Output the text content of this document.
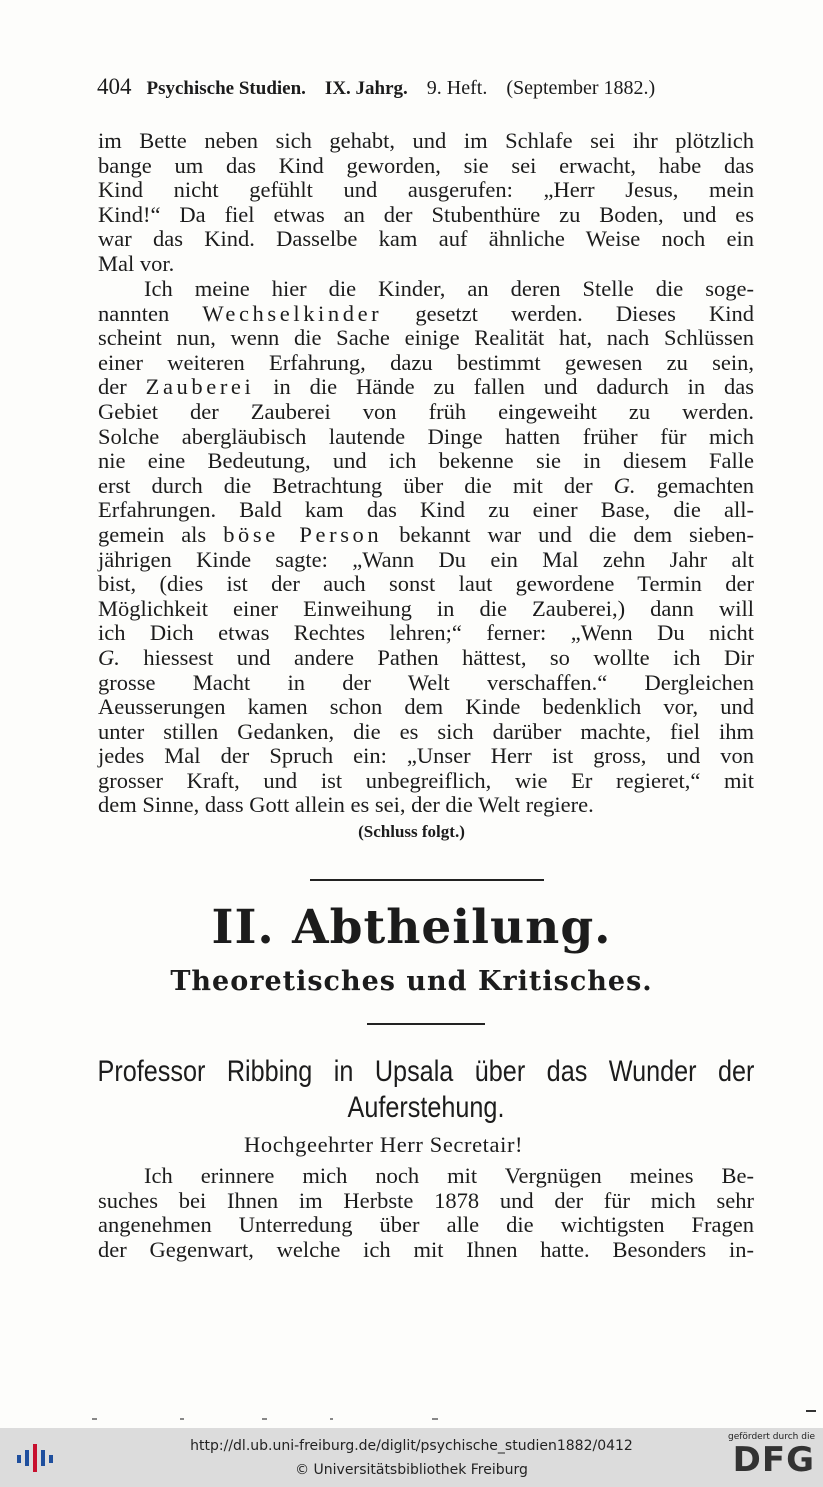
404 Psychische Studien. IX. Jahrg. 9. Heft. (September 1882.)
im Bette neben sich gehabt, und im Schlafe sei ihr plötzlich
bange um das Kind geworden, sie sei erwacht, habe das
Kind nicht gefühlt und ausgerufen: „Herr Jesus, mein
Kind!“ Da fiel etwas an der Stubenthüre zu Boden, und es
war das Kind. Dasselbe kam auf ähnliche Weise noch ein
Mal vor.
Ich meine hier die Kinder, an deren Stelle die soge-
nannten Wechselkinder gesetzt werden. Dieses Kind
scheint nun, wenn die Sache einige Realität hat, nach Schlüssen
einer weiteren Erfahrung, dazu bestimmt gewesen zu sein,
der Zauberei in die Hände zu fallen und dadurch in das
Gebiet der Zauberei von früh eingeweiht zu werden.
Solche abergläubisch lautende Dinge hatten früher für mich
nie eine Bedeutung, und ich bekenne sie in diesem Falle
erst durch die Betrachtung über die mit der G. gemachten
Erfahrungen. Bald kam das Kind zu einer Base, die all-
gemein als böse Person bekannt war und die dem sieben-
jährigen Kinde sagte: „Wann Du ein Mal zehn Jahr alt
bist, (dies ist der auch sonst laut gewordene Termin der
Möglichkeit einer Einweihung in die Zauberei,) dann will
ich Dich etwas Rechtes lehren;“ ferner: „Wenn Du nicht
G. hiessest und andere Pathen hättest, so wollte ich Dir
grosse Macht in der Welt verschaffen.“ Dergleichen
Aeusserungen kamen schon dem Kinde bedenklich vor, und
unter stillen Gedanken, die es sich darüber machte, fiel ihm
jedes Mal der Spruch ein: „Unser Herr ist gross, und von
grosser Kraft, und ist unbegreiflich, wie Er regieret,“ mit
dem Sinne, dass Gott allein es sei, der die Welt regiere.
(Schluss folgt.)
II. Abtheilung.
Theoretisches und Kritisches.
Professor Ribbing in Upsala über das Wunder der
Auferstehung.
Hochgeehrter Herr Secretair!
Ich erinnere mich noch mit Vergnügen meines Be-
suches bei Ihnen im Herbste 1878 und der für mich sehr
angenehmen Unterredung über alle die wichtigsten Fragen
der Gegenwart, welche ich mit Ihnen hatte. Besonders in-
http://dl.ub.uni-freiburg.de/diglit/psychische_studien1882/0412
© Universitätsbibliothek Freiburg
gefördert durch die
DFG
